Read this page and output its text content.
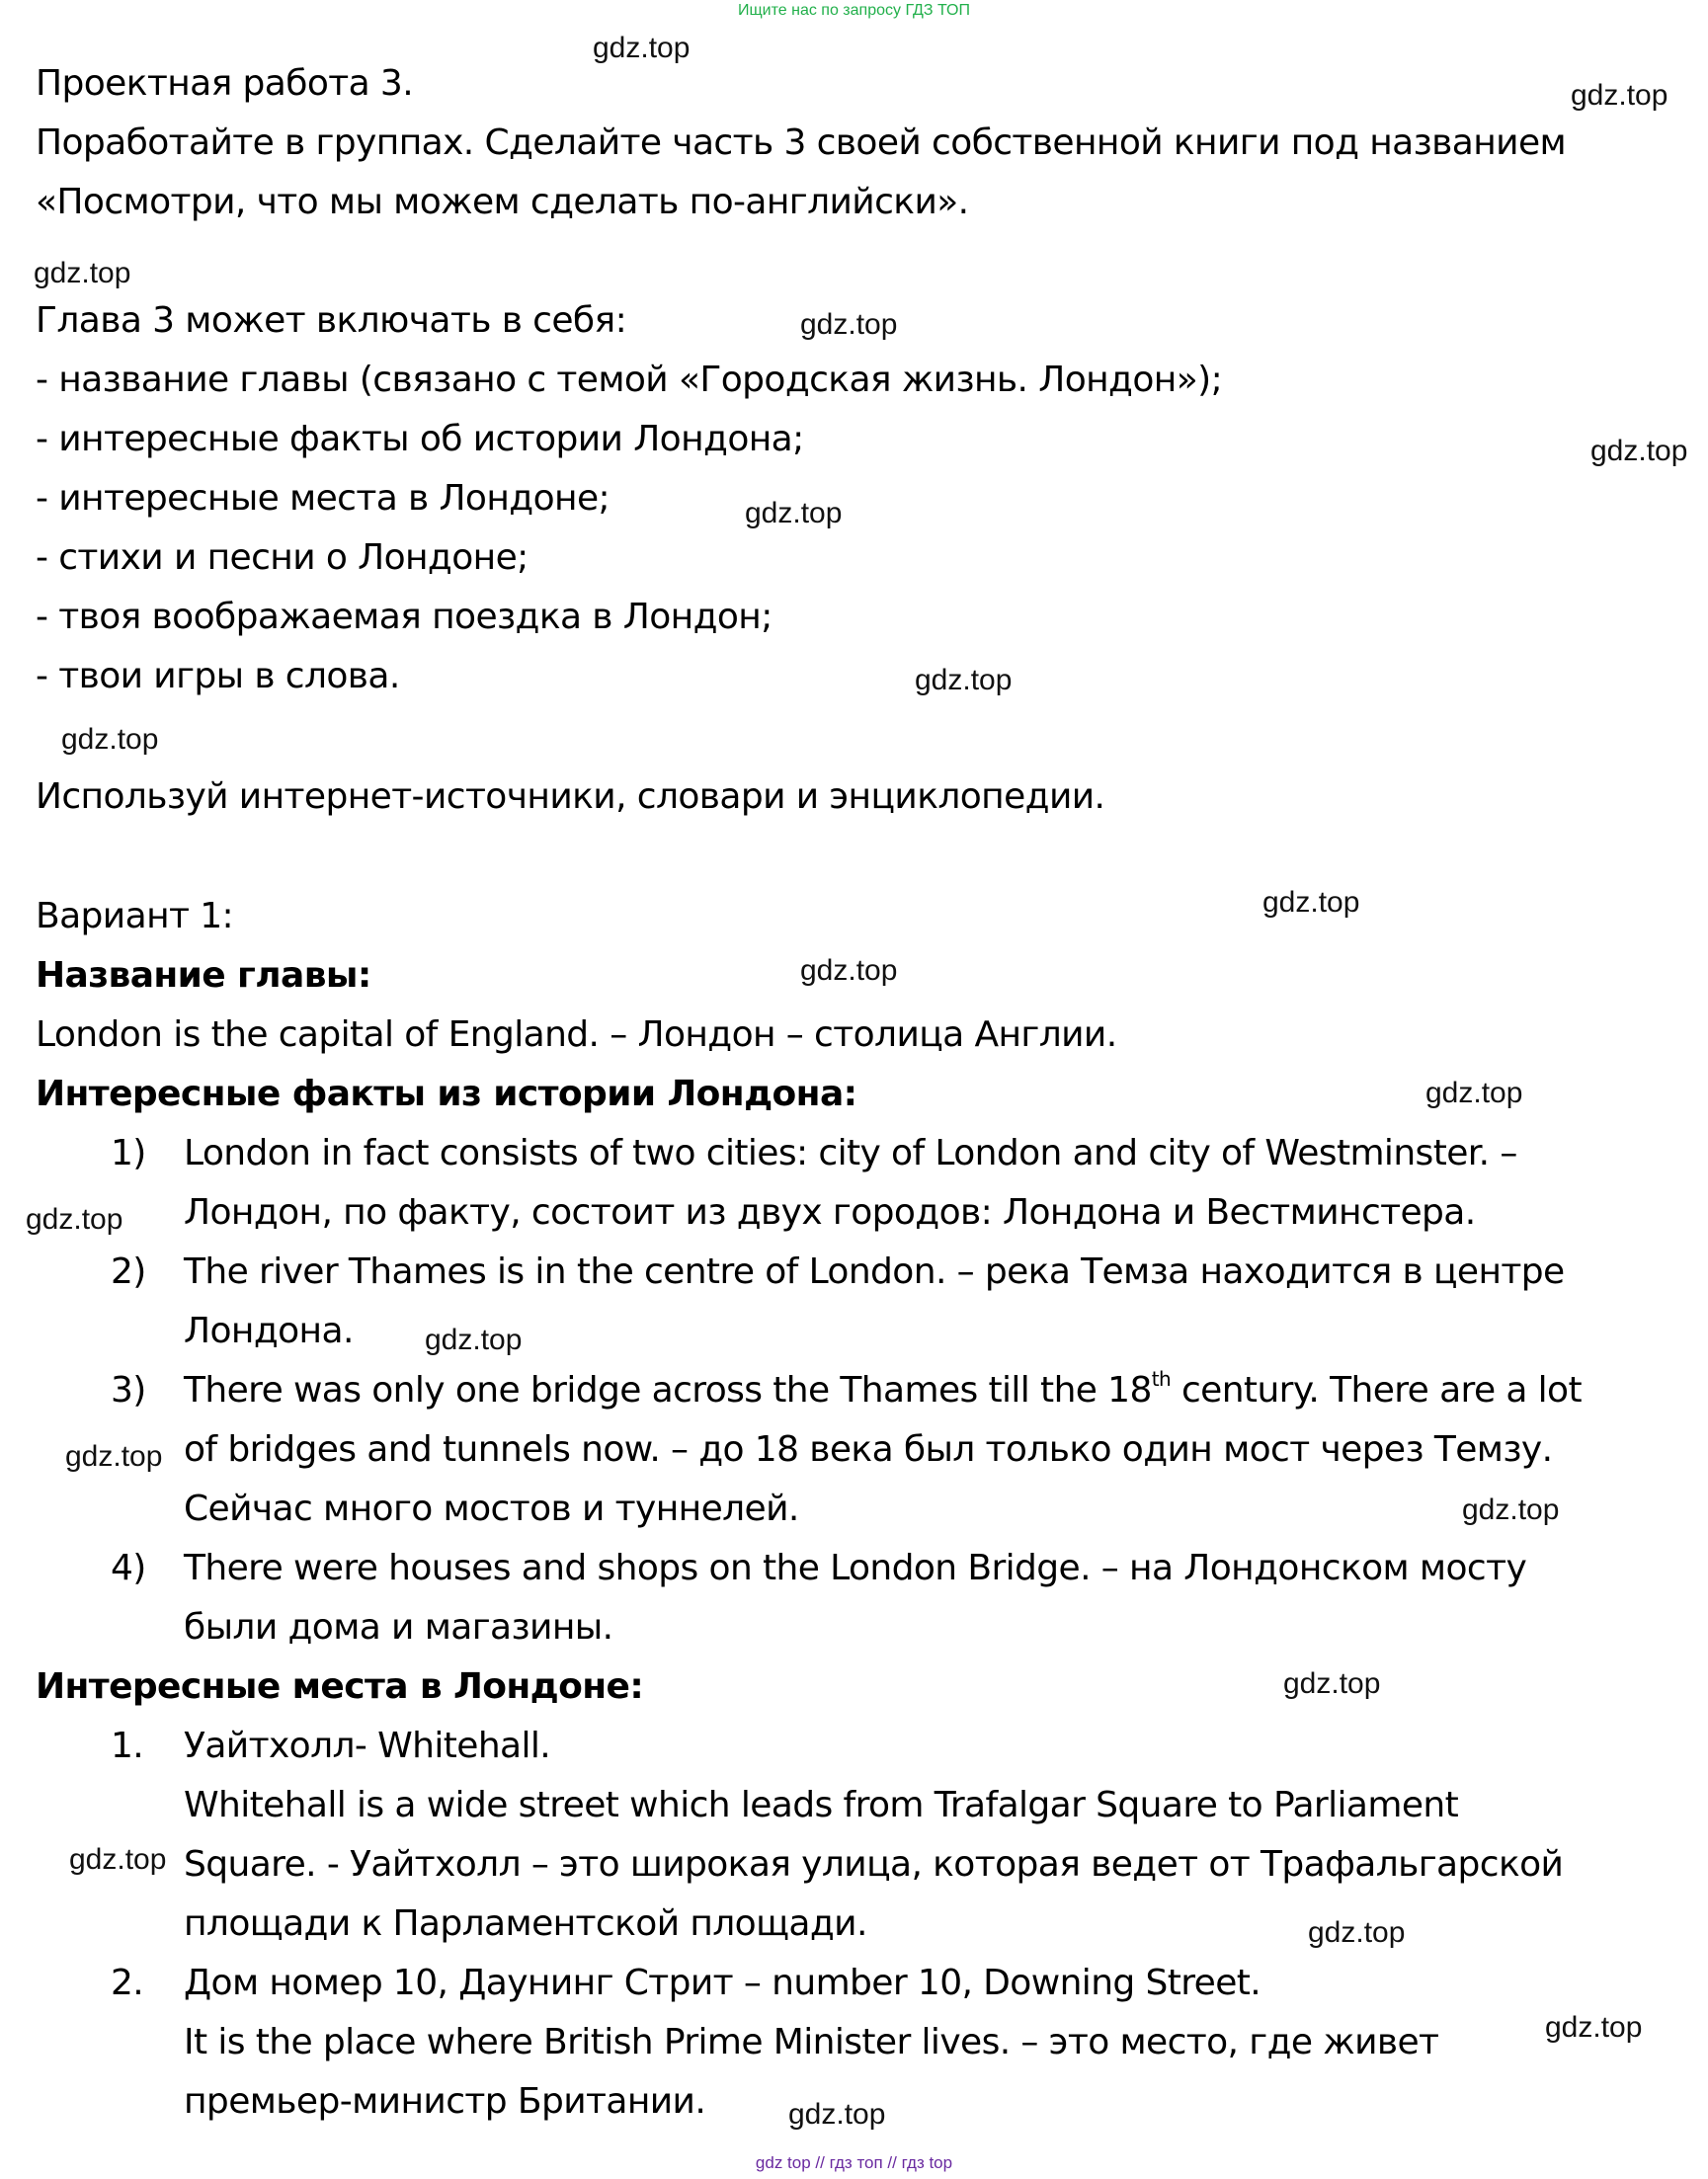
Ищите нас по запросу ГДЗ ТОП
Проектная работа 3.
Поработайте в группах. Сделайте часть 3 своей собственной книги под названием
«Посмотри, что мы можем сделать по-английски».
Глава 3 может включать в себя:
- название главы (связано с темой «Городская жизнь. Лондон»);
- интересные факты об истории Лондона;
- интересные места в Лондоне;
- стихи и песни о Лондоне;
- твоя воображаемая поездка в Лондон;
- твои игры в слова.
Используй интернет-источники, словари и энциклопедии.
Вариант 1:
Название главы:
London is the capital of England. – Лондон – столица Англии.
Интересные факты из истории Лондона:
1) London in fact consists of two cities: city of London and city of Westminster. –
Лондон, по факту, состоит из двух городов: Лондона и Вестминстера.
2) The river Thames is in the centre of London. – река Темза находится в центре
Лондона.
3) There was only one bridge across the Thames till the 18th century. There are a lot
of bridges and tunnels now. – до 18 века был только один мост через Темзу.
Сейчас много мостов и туннелей.
4) There were houses and shops on the London Bridge. – на Лондонском мосту
были дома и магазины.
Интересные места в Лондоне:
1. Уайтхолл- Whitehall.
Whitehall is a wide street which leads from Trafalgar Square to Parliament
Square. - Уайтхолл – это широкая улица, которая ведет от Трафальгарской
площади к Парламентской площади.
2. Дом номер 10, Даунинг Стрит – number 10, Downing Street.
It is the place where British Prime Minister lives. – это место, где живет
премьер-министр Британии.
gdz.top
gdz.top
gdz.top
gdz.top
gdz.top
gdz.top
gdz.top
gdz.top
gdz.top
gdz.top
gdz.top
gdz.top
gdz.top
gdz.top
gdz.top
gdz.top
gdz.top
gdz.top
gdz.top
gdz.top
gdz top // гдз топ // гдз top
